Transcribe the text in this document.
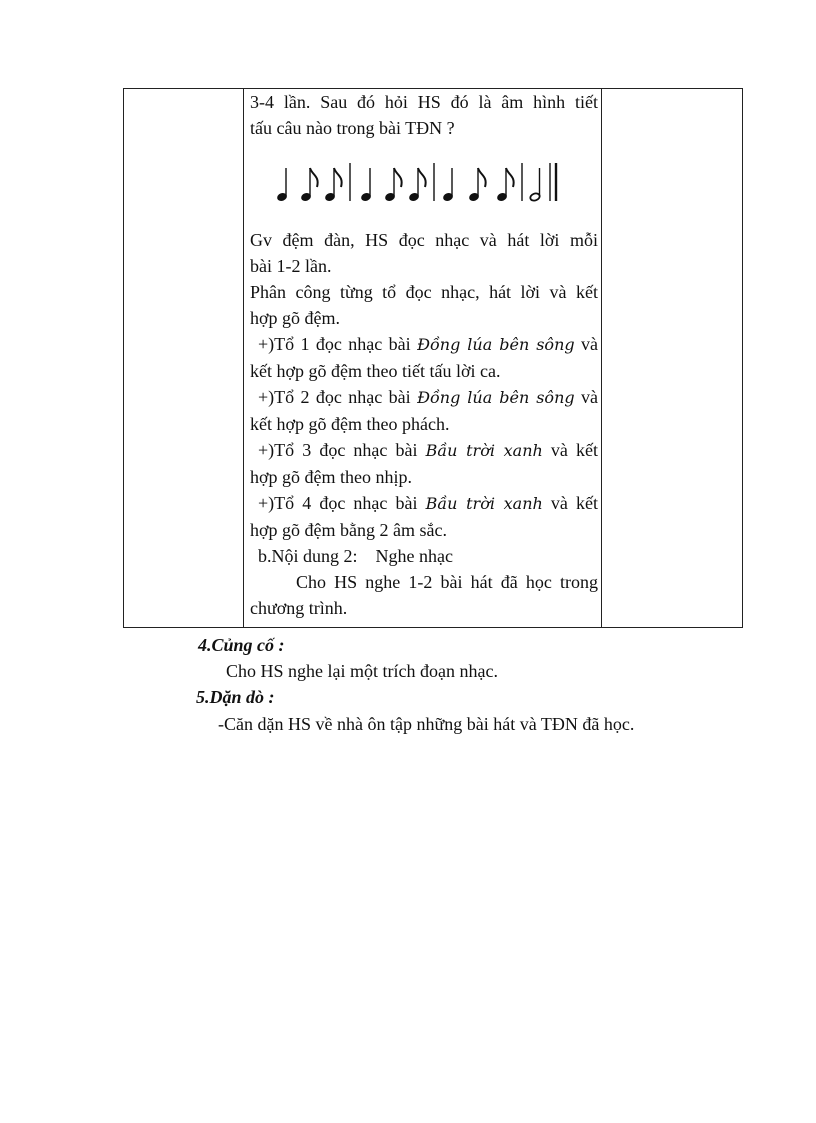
3-4 lần. Sau đó hỏi HS đó là âm hình tiết

tấu câu nào trong bài TĐN ?

Gv đệm đàn, HS đọc nhạc và hát lời mỗi

bài 1-2 lần.

Phân công từng tổ đọc nhạc, hát lời và kết

hợp gõ đệm.

+)Tổ 1 đọc nhạc bài Đồng lúa bên sông và

kết hợp gõ đệm theo tiết tấu lời ca.

+)Tổ 2 đọc nhạc bài Đồng lúa bên sông và

kết hợp gõ đệm theo phách.

+)Tổ 3 đọc nhạc bài Bầu trời xanh và kết

hợp gõ đệm theo nhịp.

+)Tổ 4 đọc nhạc bài Bầu trời xanh và kết

hợp gõ đệm bằng 2 âm sắc.

b.Nội dung 2: Nghe nhạc

Cho HS nghe 1-2 bài hát đã học trong

chương trình.

4.Củng cố :
Cho HS nghe lại một trích đoạn nhạc.
5.Dặn dò :
-Căn dặn HS về nhà ôn tập những bài hát và TĐN đã học.
